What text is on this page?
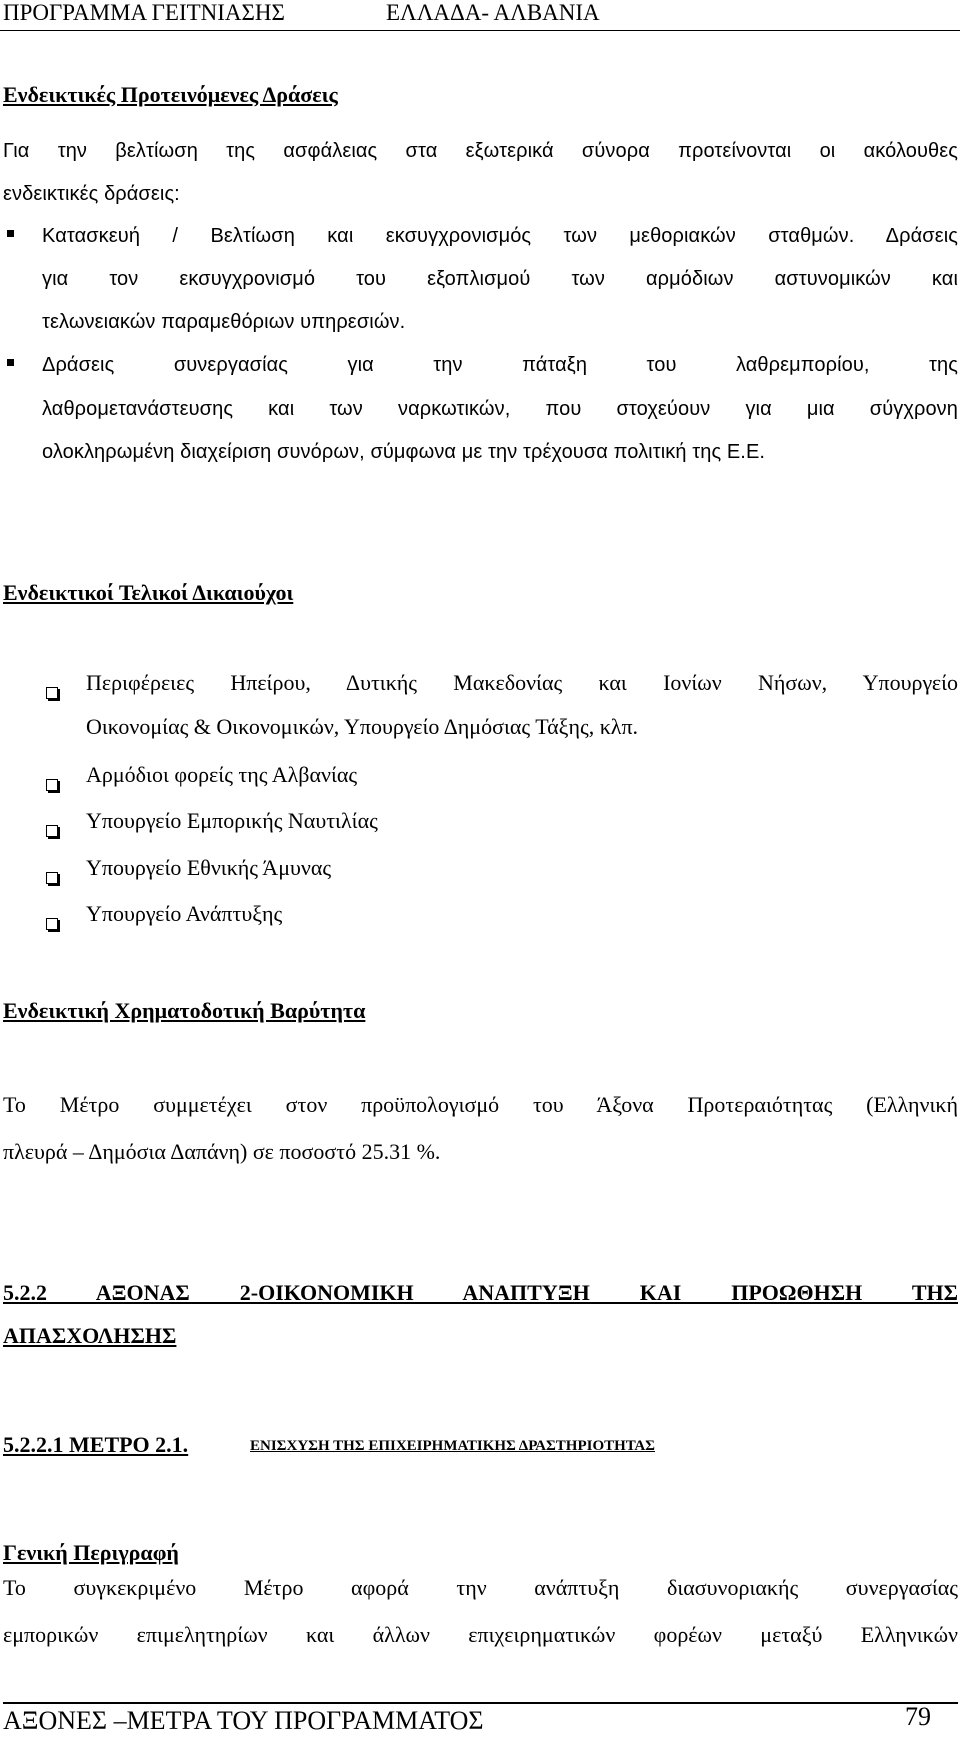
ΠΡΟΓΡΑΜΜΑ ΓΕΙΤΝΙΑΣΗΣ	ΕΛΛΑΔΑ- ΑΛΒΑΝΙΑ
Ενδεικτικές Προτεινόμενες Δράσεις
Για την βελτίωση της ασφάλειας στα εξωτερικά σύνορα προτείνονται οι ακόλουθες
ενδεικτικές δράσεις:
Κατασκευή / Βελτίωση και εκσυγχρονισμός των μεθοριακών σταθμών. Δράσεις
για τον εκσυγχρονισμό του εξοπλισμού των αρμόδιων αστυνομικών και
τελωνειακών παραμεθόριων υπηρεσιών.
Δράσεις συνεργασίας για την πάταξη του λαθρεμπορίου, της
λαθρομετανάστευσης και των ναρκωτικών, που στοχεύουν για μια σύγχρονη
ολοκληρωμένη διαχείριση συνόρων, σύμφωνα με την τρέχουσα πολιτική της Ε.Ε.
Ενδεικτικοί Τελικοί Δικαιούχοι
Περιφέρειες Ηπείρου, Δυτικής Μακεδονίας και Ιονίων Νήσων, Υπουργείο
Οικονομίας & Οικονομικών, Υπουργείο Δημόσιας Τάξης, κλπ.
Αρμόδιοι φορείς της Αλβανίας
Υπουργείο Εμπορικής Ναυτιλίας
Υπουργείο Εθνικής Άμυνας
Υπουργείο Ανάπτυξης
Ενδεικτική Χρηματοδοτική Βαρύτητα
Το Μέτρο συμμετέχει στον προϋπολογισμό του Άξονα Προτεραιότητας (Ελληνική
πλευρά – Δημόσια Δαπάνη) σε ποσοστό 25.31 %.
5.2.2 ΑΞΟΝΑΣ 2-ΟΙΚΟΝΟΜΙΚΗ ΑΝΑΠΤΥΞΗ ΚΑΙ ΠΡΟΩΘΗΣΗ ΤΗΣ
ΑΠΑΣΧΟΛΗΣΗΣ
5.2.2.1 ΜΕΤΡΟ 2.1.	ΕΝΙΣΧΥΣΗ ΤΗΣ ΕΠΙΧΕΙΡΗΜΑΤΙΚΗΣ ΔΡΑΣΤΗΡΙΟΤΗΤΑΣ
Γενική Περιγραφή
Το συγκεκριμένο Μέτρο αφορά την ανάπτυξη διασυνοριακής συνεργασίας
εμπορικών επιμελητηρίων και άλλων επιχειρηματικών φορέων μεταξύ Ελληνικών
ΑΞΟΝΕΣ –ΜΕΤΡΑ ΤΟΥ ΠΡΟΓΡΑΜΜΑΤΟΣ	79
